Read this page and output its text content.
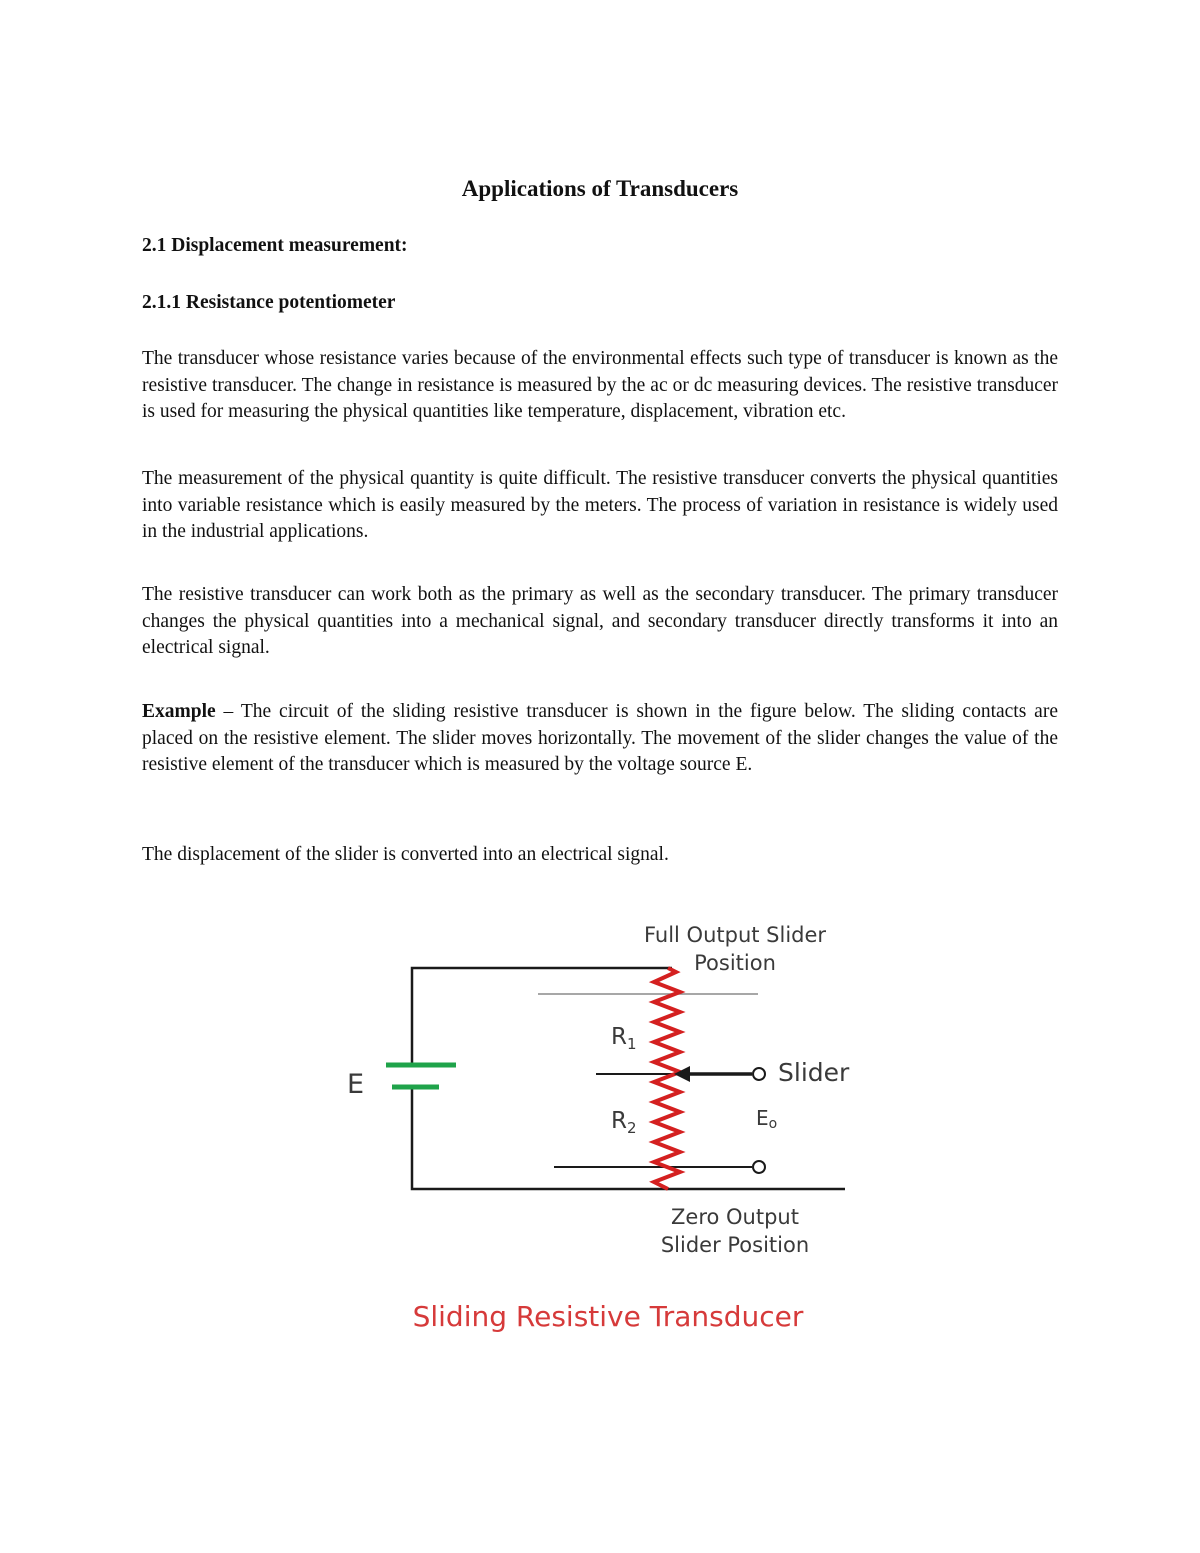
Applications of Transducers
2.1 Displacement measurement:
2.1.1 Resistance potentiometer
The transducer whose resistance varies because of the environmental effects such type of transducer is known as the resistive transducer. The change in resistance is measured by the ac or dc measuring devices. The resistive transducer is used for measuring the physical quantities like temperature, displacement, vibration etc.
The measurement of the physical quantity is quite difficult. The resistive transducer converts the physical quantities into variable resistance which is easily measured by the meters. The process of variation in resistance is widely used in the industrial applications.
The resistive transducer can work both as the primary as well as the secondary transducer. The primary transducer changes the physical quantities into a mechanical signal, and secondary transducer directly transforms it into an electrical signal.
Example – The circuit of the sliding resistive transducer is shown in the figure below. The sliding contacts are placed on the resistive element. The slider moves horizontally. The movement of the slider changes the value of the resistive element of the transducer which is measured by the voltage source E.
The displacement of the slider is converted into an electrical signal.
Full Output Slider
Position
E
$R_1$
$R_2$
Slider
Eo
Zero Output
Slider Position
Sliding Resistive Transducer
